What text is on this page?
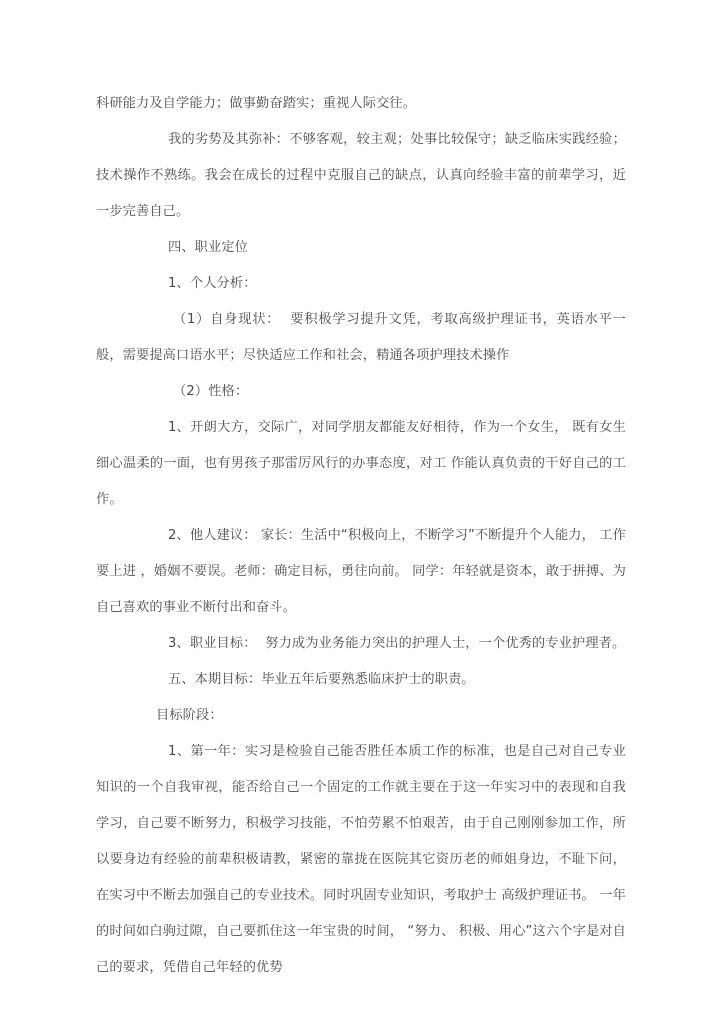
科研能力及自学能力；做事勤奋踏实；重视人际交往。

我的劣势及其弥补：不够客观，较主观；处事比较保守；缺乏临床实践经验；技术操作不熟练。我会在成长的过程中克服自己的缺点，认真向经验丰富的前辈学习，近一步完善自己。

四、职业定位

1、个人分析：

（1）自身现状：  要积极学习提升文凭，考取高级护理证书，英语水平一般，需要提高口语水平；尽快适应工作和社会，精通各项护理技术操作

（2）性格：

1、开朗大方，交际广，对同学朋友都能友好相待，作为一个女生， 既有女生细心温柔的一面，也有男孩子那雷厉风行的办事态度，对工 作能认真负责的干好自己的工作。

2、他人建议： 家长：生活中“积极向上，不断学习”不断提升个人能力， 工作要上进 ，婚姻不要误。老师：确定目标，勇往向前。 同学：年轻就是资本，敢于拼搏、为自己喜欢的事业不断付出和奋斗。

3、职业目标：  努力成为业务能力突出的护理人士，一个优秀的专业护理者。

五、本期目标：毕业五年后要熟悉临床护士的职责。

目标阶段：

1、第一年：实习是检验自己能否胜任本质工作的标准，也是自己对自己专业知识的一个自我审视，能否给自己一个固定的工作就主要在于这一年实习中的表现和自我学习，自己要不断努力，积极学习技能，不怕劳累不怕艰苦，由于自己刚刚参加工作，所以要身边有经验的前辈积极请教，紧密的靠拢在医院其它资历老的师姐身边，不耻下问， 在实习中不断去加强自己的专业技术。同时巩固专业知识，考取护士 高级护理证书。 一年的时间如白驹过隙，自己要抓住这一年宝贵的时间， “努力、 积极、用心”这六个字是对自己的要求，凭借自己年轻的优势
